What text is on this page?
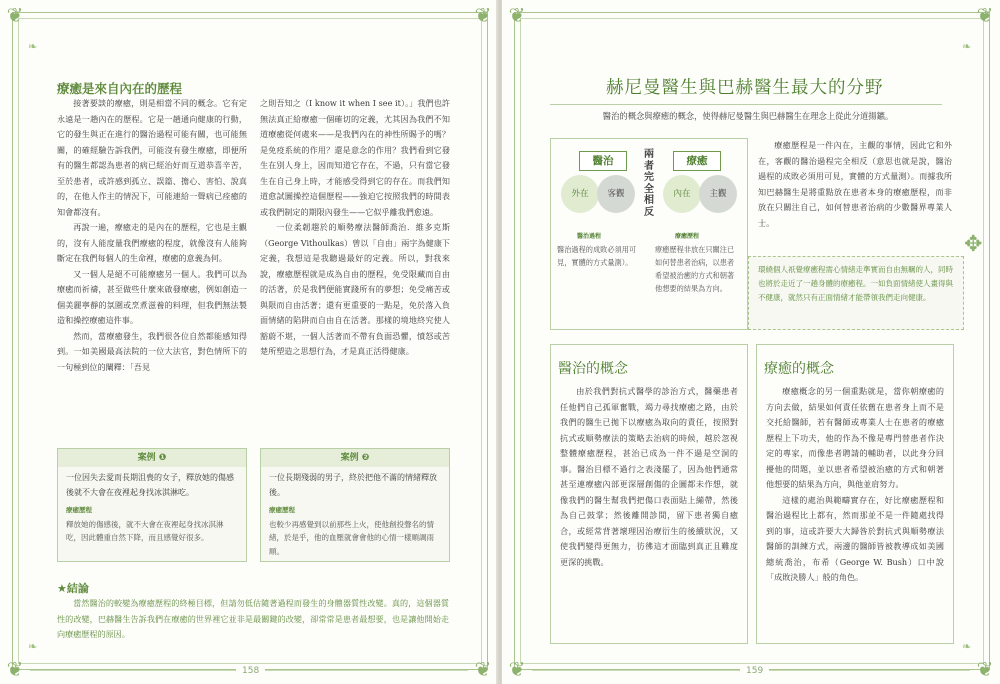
❦	❦
❦	❦
❧
❧
療癒是來自內在的歷程

接著要談的療癒，則是相當不同的概念。它有定永遠是一趟內在的歷程。它是一趟通向健康的行動，它的發生與正在進行的醫治過程可能有關，也可能無關，的確經驗告訴我們，可能沒有發生療癒，即便所有的醫生都認為患者的病已經治好而互道恭喜辛苦，至於患者，或許感到孤立、誤篇、擔心、害怕、說真的，在他人作主的情況下，可能連給一聲病已痊癒的知會都沒有。

再說一遍，療癒走的是內在的歷程，它也是主觀的，沒有人能度量我們療癒的程度，就像沒有人能夠斷定在我們每個人的生命裡，療癒的意義為何。

又一個人是絕不可能療癒另一個人。我們可以為療癒而祈禱，甚至做些什麼來啟發療癒，例如創造一個美麗寧靜的氛圍或烹煮滋養的料理，但我們無法製造和操控療癒這件事。

然而，當療癒發生，我們很各位自然都能感知得到。一如美國最高法院的一位大法官，對色情所下的一句極到位的闡釋：「吾見

之則吾知之（I know it when I see it）。」我們也許無法真正給療癒一個確切的定義，尤其因為我們不知道療癒從何處來——是我們內在的神性所賜予的嗎？是免疫系統的作用？還是意念的作用？我們看到它發生在別人身上，因而知道它存在，不過，只有當它發生在自己身上時，才能感受得到它的存在。而我們知道愈試圖操控這個歷程——強迫它按照我們的時間表或我們制定的期限內發生——它似乎離我們愈遠。

一位柔韌趨於的順勢療法醫師喬治．維多克斯（George Vithoulkas）曾以「自由」兩字為健康下定義，我想這是我聽過最好的定義。所以，對我來說，療癒歷程就是成為自由的歷程，免受限藏而自由的活著，於是我們便能實踐所有的夢想；免受痛苦或與限而自由活著；還有更重要的一點是，免於落入負面情緒的陷阱而自由自在活著。那樣的境地終究使人豁蔚不堪，一個人活著而不帶有負面恐懼，憤怒或苦楚所塑造之思想行為，才是真正活得健康。

案例 ❶

一位因失去愛而長期沮喪的女子，釋放她的傷感後就不大會在夜裡起身找冰淇淋吃。

療癒歷程

釋放她的傷感後，就不大會在夜裡起身找冰淇淋吃，因此體重自然下降，而且感覺好很多。

案例 ❷

一位長期殘弱的男子，終於把他不滿的情緒釋放後。

療癒歷程

也較少再感覺到以前那些上火，使他創投聲名的情緒，於是乎，他的血壓就會會他的心情一樣順調雨順。

★結論

當然醫治的較變為療癒歷程的終極目標，但請勿低估隨著過程而發生的身體器質性改變。真的，這個器質性的改變，巴赫醫生告訴我們在療癒的世界裡它並非是最關鍵的改變，卻常常是患者最想要，也是讓他開始走向療癒歷程的原因。

158
❦	❦
❦	❦
❧
❧
✥
赫尼曼醫生與巴赫醫生最大的分野

醫治的概念與療癒的概念，使得赫尼曼醫生與巴赫醫生在理念上從此分道揚鑣。

醫治
外在	客觀
兩者完全相反
療癒
內在	主觀
醫治過程

醫治過程的成敗必須用可見，實體的方式量測）。

療癒歷程

療癒歷程非放在只關注已如何替患者治病，以患者希望被治癒的方式和朝著他想要的結果為方向。

療癒歷程是一件內在，主觀的事情，因此它和外在，客觀的醫治過程完全相反（意思也就是說，醫治過程的成敗必須用可見，實體的方式量測）。而據我所知巴赫醫生是將重點放在患者本身的療癒歷程，而非放在只關注自己，如何替患者治病的少數醫界專業人士。

環繞個人祇覺療癒程需心情緒走準實而自由無羈的人，同時也將於走近了一趟身體的療癒程。一如負面情緒使人畫得與不健康，就然只有正面情緒才能帶領我們走向健康。

醫治的概念

由於我們對抗式醫學的診治方式，醫藥患者任他們自己孤軍奮戰，竭力尋找療癒之路，由於我們的醫生已拋下以療癒為取向的責任，按照對抗式或順勢療法的策略去治病的時候，越於忽視整體療癒歷程，甚治已成為一件不過是空洞的事。醫治目標不過行之表淺罷了，因為他們通常甚至連療癒內部更深層創傷的企圖都未作想，就像我們的醫生幫我們把傷口表面貼上繃帶，然後為自己鼓掌；然後離開診間，留下患者獨自癒合，或經常背著壞理因治療衍生的後續狀況，又使我們變得更無力，彷彿這才面臨到真正且難度更深的挑戰。

療癒的概念

療癒概念的另一個重點就是，當你朝療癒的方向去做，結果如何責任依舊在患者身上而不是交托給醫師，若有醫師或專業人士在患者的療癒歷程上下功夫，他的作為不像是專門替患者作決定的專家，而像患者聘請的輔助者，以此身分回擾他的問題，並以患者希望被治癒的方式和朝著他想要的結果為方向，與他並肩努力。

這樣的處治與範疇實存在，好比療癒歷程和醫治過程比上都有，然而那並不是一件隨處找得到的事，這或許要大大歸咎於對抗式與順勢療法醫師的訓練方式，兩邊的醫師皆被教導成如美國總統喬治，布希（George W. Bush）口中說「成敗決勝人」般的角色。

159
